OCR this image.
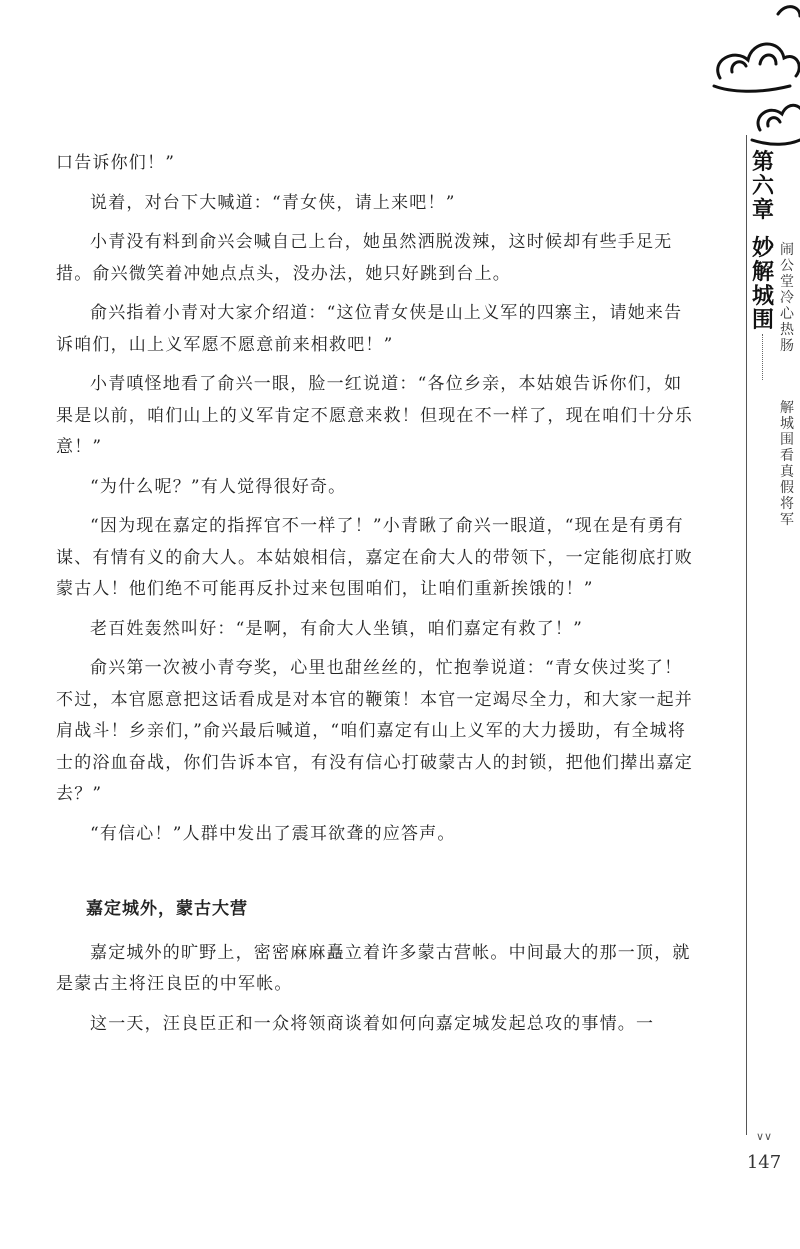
第六章
妙解城围
闹公堂冷心热肠
解城围看真假将军

口告诉你们！”

说着，对台下大喊道：“青女侠，请上来吧！”

小青没有料到俞兴会喊自己上台，她虽然洒脱泼辣，这时候却有些手足无措。俞兴微笑着冲她点点头，没办法，她只好跳到台上。

俞兴指着小青对大家介绍道：“这位青女侠是山上义军的四寨主，请她来告诉咱们，山上义军愿不愿意前来相救吧！”

小青嗔怪地看了俞兴一眼，脸一红说道：“各位乡亲，本姑娘告诉你们，如果是以前，咱们山上的义军肯定不愿意来救！但现在不一样了，现在咱们十分乐意！”

“为什么呢？”有人觉得很好奇。

“因为现在嘉定的指挥官不一样了！”小青瞅了俞兴一眼道，“现在是有勇有谋、有情有义的俞大人。本姑娘相信，嘉定在俞大人的带领下，一定能彻底打败蒙古人！他们绝不可能再反扑过来包围咱们，让咱们重新挨饿的！”

老百姓轰然叫好：“是啊，有俞大人坐镇，咱们嘉定有救了！”

俞兴第一次被小青夸奖，心里也甜丝丝的，忙抱拳说道：“青女侠过奖了！不过，本官愿意把这话看成是对本官的鞭策！本官一定竭尽全力，和大家一起并肩战斗！乡亲们，”俞兴最后喊道，“咱们嘉定有山上义军的大力援助，有全城将士的浴血奋战，你们告诉本官，有没有信心打破蒙古人的封锁，把他们撵出嘉定去？”

“有信心！”人群中发出了震耳欲聋的应答声。

嘉定城外，蒙古大营

嘉定城外的旷野上，密密麻麻矗立着许多蒙古营帐。中间最大的那一顶，就是蒙古主将汪良臣的中军帐。

这一天，汪良臣正和一众将领商谈着如何向嘉定城发起总攻的事情。一

∨∨
147
